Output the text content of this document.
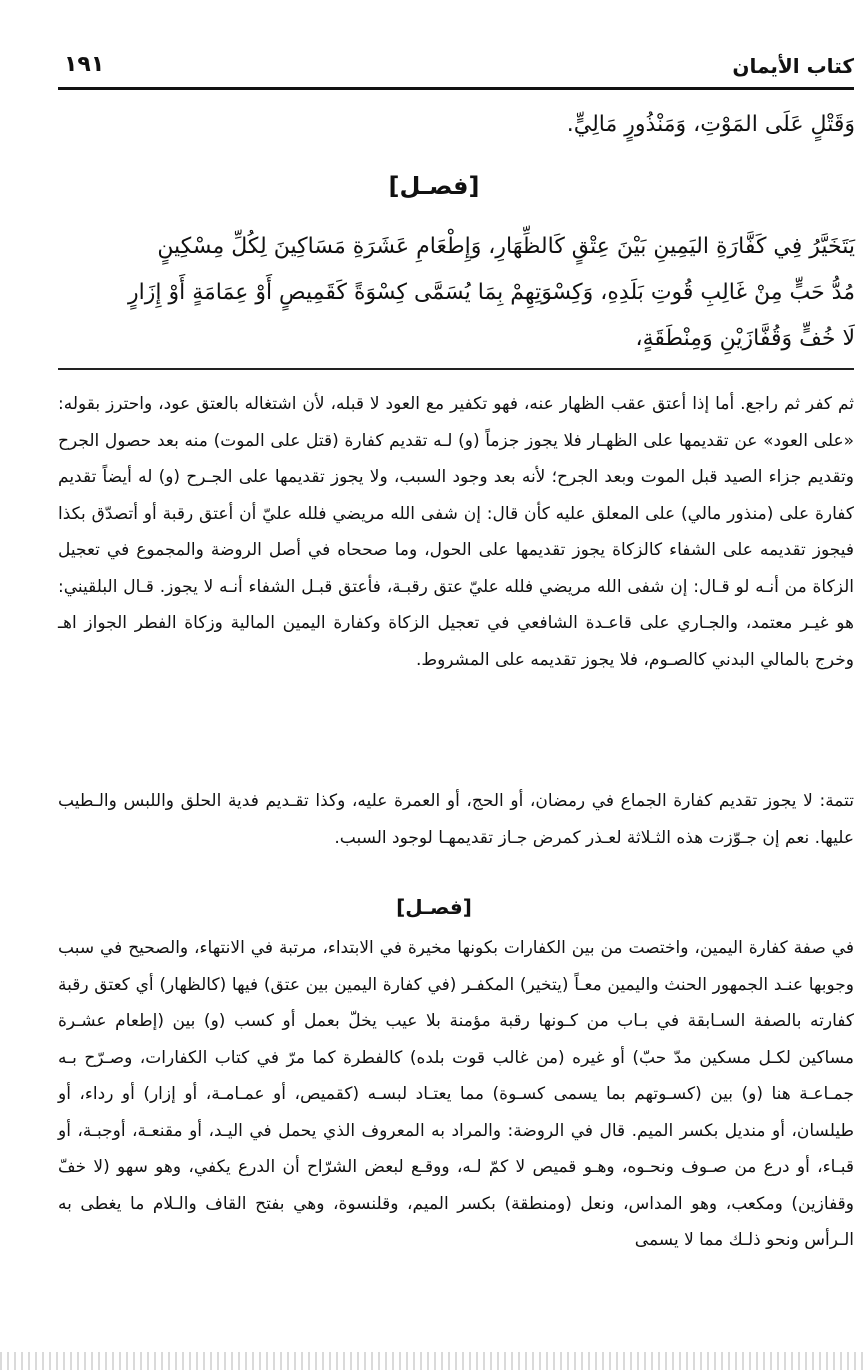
كتاب الأيمان
١٩١
وَقَتْلٍ عَلَى المَوْتِ، وَمَنْذُورٍ مَالِيٍّ.
يَتَخَيَّرُ فِي كَفَّارَةِ اليَمِينِ بَيْنَ عِتْقٍ كَالظِّهَارِ، وَإِطْعَامِ عَشَرَةِ مَسَاكِينَ لِكُلِّ مِسْكِينٍ
مُدُّ حَبٍّ مِنْ غَالِبِ قُوتِ بَلَدِهِ، وَكِسْوَتِهِمْ بِمَا يُسَمَّى كِسْوَةً كَقَمِيصٍ أَوْ عِمَامَةٍ أَوْ إِزَارٍ
لَا خُفٍّ وَقُفَّازَيْنِ وَمِنْطَقَةٍ،
[فصـل]

ثم كفر ثم راجع. أما إذا أعتق عقب الظهار عنه، فهو تكفير مع العود لا قبله، لأن اشتغاله بالعتق عود، واحترز بقوله: «على العود» عن تقديمها على الظهـار فلا يجوز جزماً (و) لـه تقديم كفارة (قتل على الموت) منه بعد حصول الجرح وتقديم جزاء الصيد قبل الموت وبعد الجرح؛ لأنه بعد وجود السبب، ولا يجوز تقديمها على الجـرح (و) له أيضاً تقديم كفارة على (منذور مالي) على المعلق عليه كأن قال: إن شفى الله مريضي فلله عليّ أن أعتق رقبة أو أتصدّق بكذا فيجوز تقديمه على الشفاء كالزكاة يجوز تقديمها على الحول، وما صححاه في أصل الروضة والمجموع في تعجيل الزكاة من أنـه لو قـال: إن شفى الله مريضي فلله عليّ عتق رقبـة، فأعتق قبـل الشفاء أنـه لا يجوز. قـال البلقيني: هو غيـر معتمد، والجـاري على قاعـدة الشافعي في تعجيل الزكاة وكفارة اليمين المالية وزكاة الفطر الجواز اهـ وخرج بالمالي البدني كالصـوم، فلا يجوز تقديمه على المشروط.

تتمة: لا يجوز تقديم كفارة الجماع في رمضان، أو الحج، أو العمرة عليه، وكذا تقـديم فدية الحلق واللبس والـطيب عليها. نعم إن جـوّزت هذه الثـلاثة لعـذر كمرض جـاز تقديمهـا لوجود السبب.

[فصـل]

في صفة كفارة اليمين، واختصت من بين الكفارات بكونها مخيرة في الابتداء، مرتبة في الانتهاء، والصحيح في سبب وجوبها عنـد الجمهور الحنث واليمين معـاً (يتخير) المكفـر (في كفارة اليمين بين عتق) فيها (كالظهار) أي كعتق رقبة كفارته بالصفة السـابقة في بـاب من كـونها رقبة مؤمنة بلا عيب يخلّ بعمل أو كسب (و) بين (إطعام عشـرة مساكين لكـل مسكين مدّ حبّ) أو غيره (من غالب قوت بلده) كالفطرة كما مرّ في كتاب الكفارات، وصـرّح بـه جمـاعـة هنا (و) بين (كسـوتهم بما يسمى كسـوة) مما يعتـاد لبسـه (كقميص، أو عمـامـة، أو إزار) أو رداء، أو طيلسان، أو منديل بكسر الميم. قال في الروضة: والمراد به المعروف الذي يحمل في اليـد، أو مقنعـة، أوجبـة، أو قبـاء، أو درع من صـوف ونحـوه، وهـو قميص لا كمّ لـه، ووقـع لبعض الشرّاح أن الدرع يكفي، وهو سهو (لا خفّ وقفازين) ومكعب، وهو المداس، ونعل (ومنطقة) بكسر الميم، وقلنسوة، وهي بفتح القاف والـلام ما يغطى به الـرأس ونحو ذلـك مما لا يسمى
